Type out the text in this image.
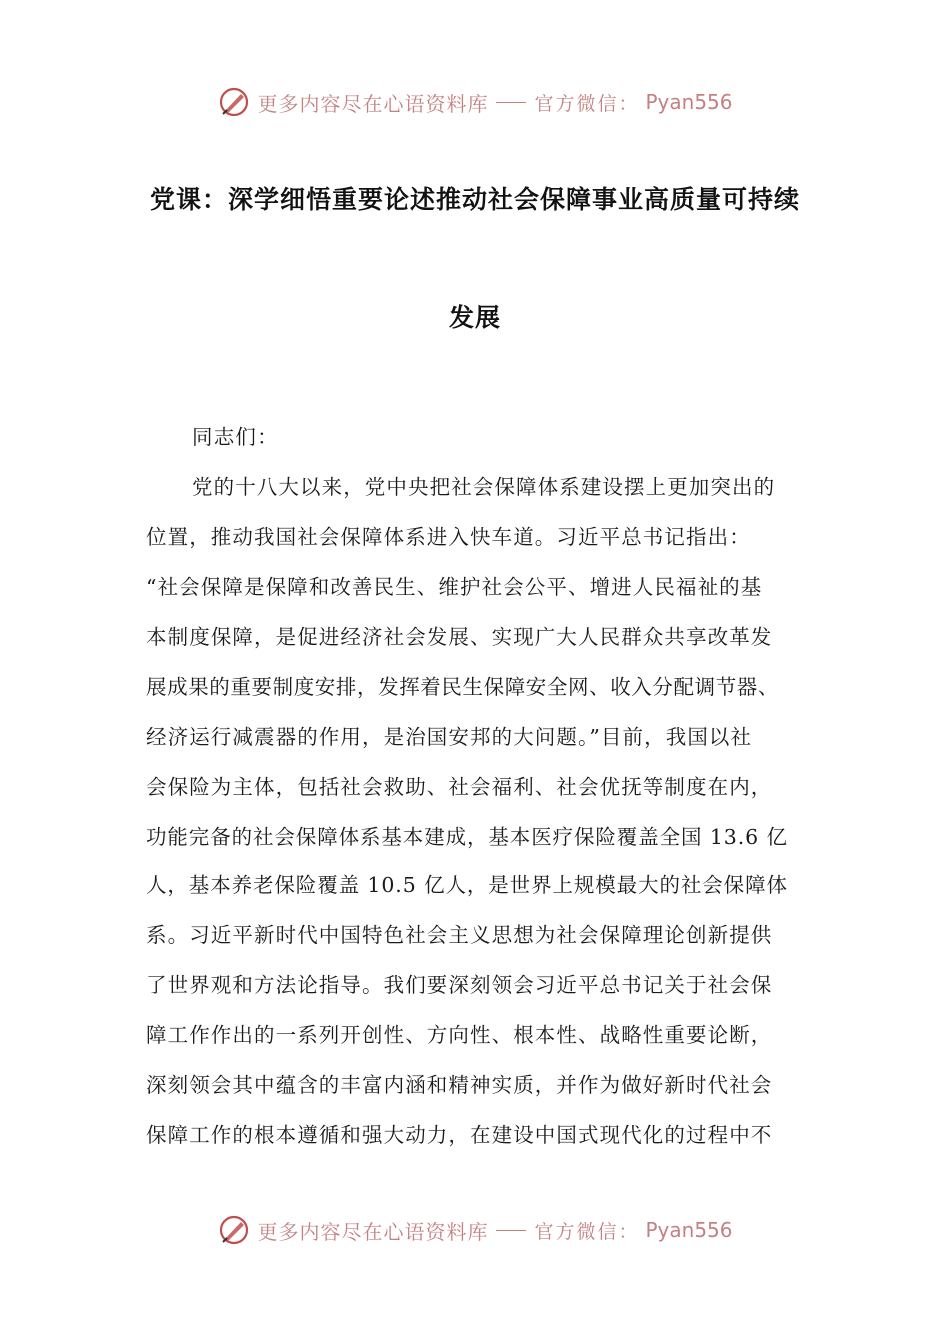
更多内容尽在心语资料库 官方微信： Pyan556
党课：深学细悟重要论述推动社会保障事业高质量可持续
发展
同志们：
党的十八大以来，党中央把社会保障体系建设摆上更加突出的
位置，推动我国社会保障体系进入快车道。习近平总书记指出：
“社会保障是保障和改善民生、维护社会公平、增进人民福祉的基
本制度保障，是促进经济社会发展、实现广大人民群众共享改革发
展成果的重要制度安排，发挥着民生保障安全网、收入分配调节器、
经济运行减震器的作用，是治国安邦的大问题。”目前，我国以社
会保险为主体，包括社会救助、社会福利、社会优抚等制度在内，
功能完备的社会保障体系基本建成，基本医疗保险覆盖全国 13.6 亿
人，基本养老保险覆盖 10.5 亿人，是世界上规模最大的社会保障体
系。习近平新时代中国特色社会主义思想为社会保障理论创新提供
了世界观和方法论指导。我们要深刻领会习近平总书记关于社会保
障工作作出的一系列开创性、方向性、根本性、战略性重要论断，
深刻领会其中蕴含的丰富内涵和精神实质，并作为做好新时代社会
保障工作的根本遵循和强大动力，在建设中国式现代化的过程中不
更多内容尽在心语资料库 官方微信： Pyan556
